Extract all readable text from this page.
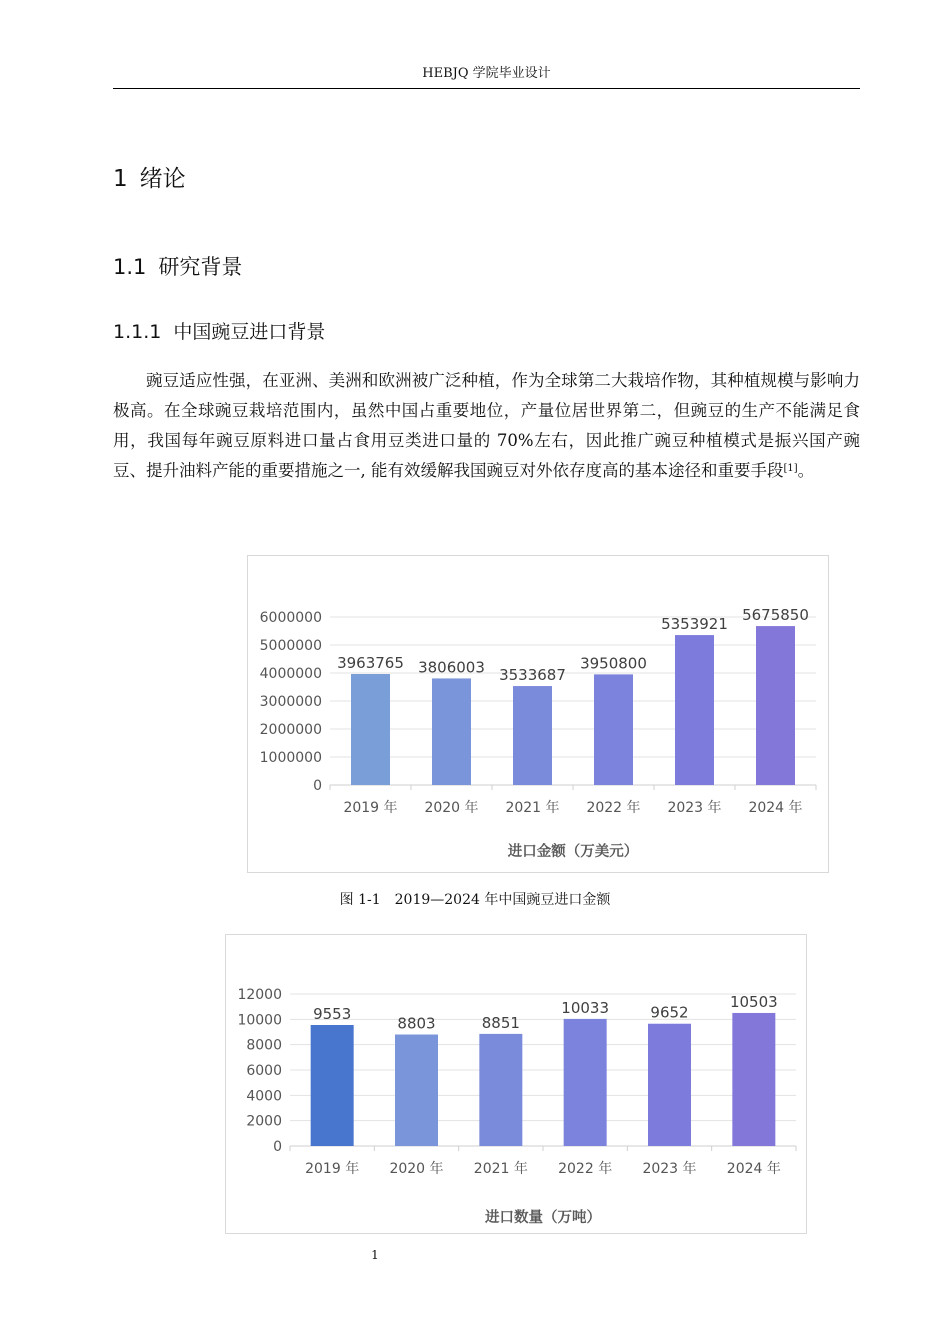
HEBJQ 学院毕业设计
1 绪论
1.1 研究背景
1.1.1 中国豌豆进口背景
豌豆适应性强，在亚洲、美洲和欧洲被广泛种植，作为全球第二大栽培作物，其种植规模与影响力极高。在全球豌豆栽培范围内，虽然中国占重要地位，产量位居世界第二，但豌豆的生产不能满足食用，我国每年豌豆原料进口量占食用豆类进口量的 70%左右，因此推广豌豆种植模式是振兴国产豌豆、提升油料产能的重要措施之一, 能有效缓解我国豌豆对外依存度高的基本途径和重要手段[1]。
0
1000000
2000000
3000000
4000000
5000000
6000000
3963765
2019 年
3806003
2020 年
3533687
2021 年
3950800
2022 年
5353921
2023 年
5675850
2024 年
进口金额（万美元）
图 1-1　2019—2024 年中国豌豆进口金额
0
2000
4000
6000
8000
10000
12000
9553
2019 年
8803
2020 年
8851
2021 年
10033
2022 年
9652
2023 年
10503
2024 年
进口数量（万吨）
1
